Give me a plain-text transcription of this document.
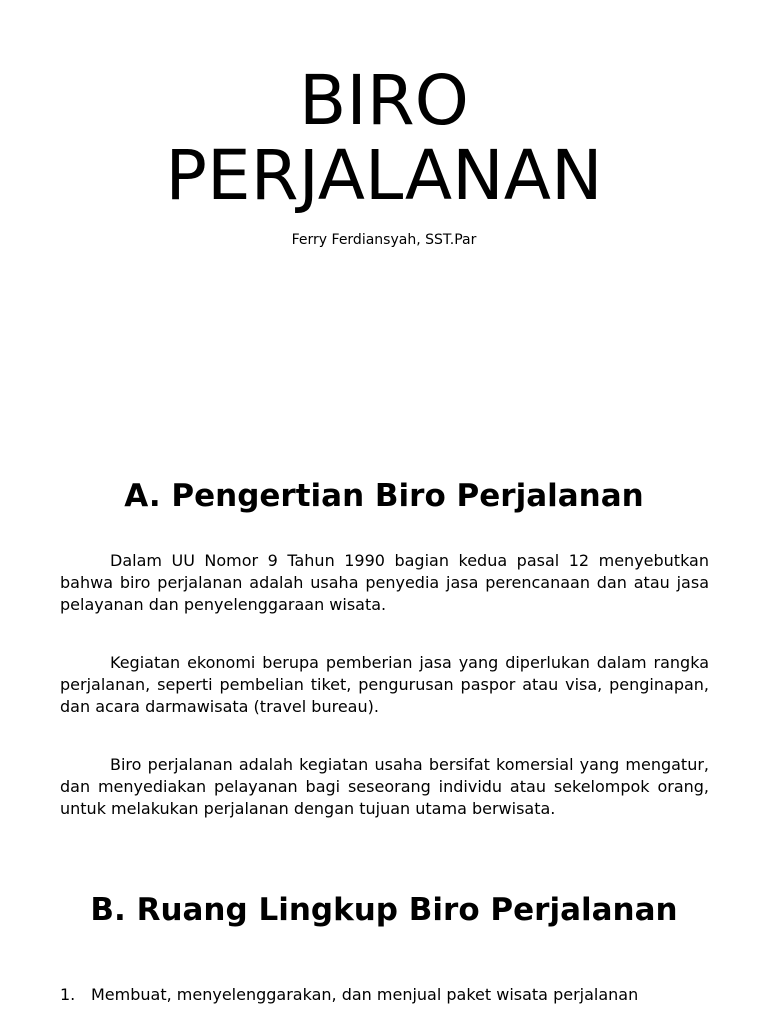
BIRO
PERJALANAN
Ferry Ferdiansyah, SST.Par
A. Pengertian Biro Perjalanan

Dalam UU Nomor 9 Tahun 1990 bagian kedua pasal 12 menyebutkan bahwa biro perjalanan adalah usaha penyedia jasa perencanaan dan atau jasa pelayanan dan penyelenggaraan wisata.

Kegiatan ekonomi berupa pemberian jasa yang diperlukan dalam rangka perjalanan, seperti pembelian tiket, pengurusan paspor atau visa, penginapan, dan acara darmawisata (travel bureau).

Biro perjalanan adalah kegiatan usaha bersifat komersial yang mengatur, dan menyediakan pelayanan bagi seseorang individu atau sekelompok orang, untuk melakukan perjalanan dengan tujuan utama berwisata.

B. Ruang Lingkup Biro Perjalanan
1. Membuat, menyelenggarakan, dan menjual paket wisata perjalanan
